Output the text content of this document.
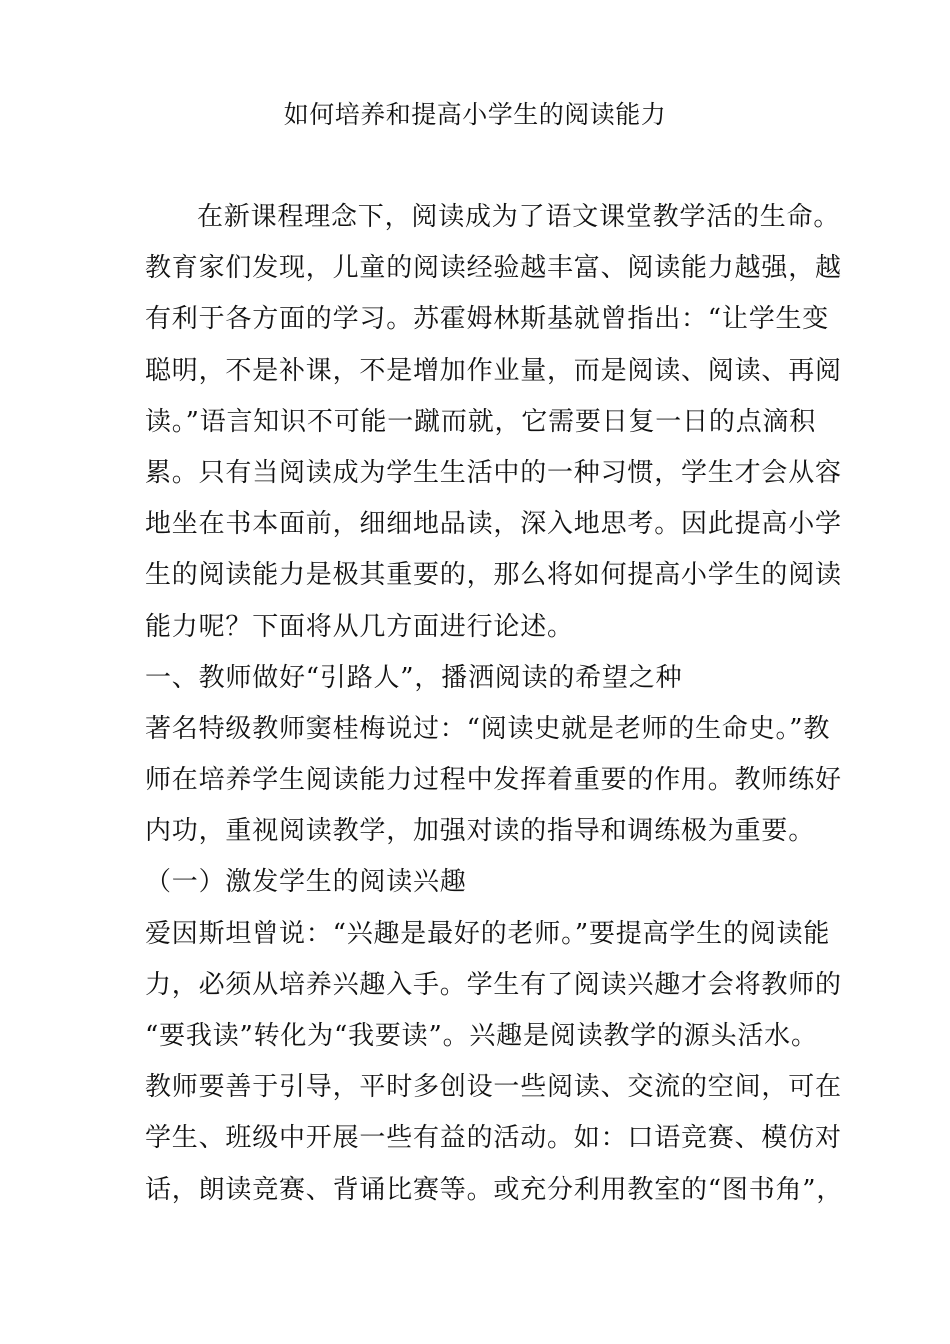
如何培养和提高小学生的阅读能力
在新课程理念下，阅读成为了语文课堂教学活的生命。
教育家们发现，儿童的阅读经验越丰富、阅读能力越强，越
有利于各方面的学习。苏霍姆林斯基就曾指出：“让学生变
聪明，不是补课，不是增加作业量，而是阅读、阅读、再阅
读。”语言知识不可能一蹴而就，它需要日复一日的点滴积
累。只有当阅读成为学生生活中的一种习惯，学生才会从容
地坐在书本面前，细细地品读，深入地思考。因此提高小学
生的阅读能力是极其重要的，那么将如何提高小学生的阅读
能力呢？下面将从几方面进行论述。
一、教师做好“引路人”，播洒阅读的希望之种
著名特级教师窦桂梅说过：“阅读史就是老师的生命史。”教
师在培养学生阅读能力过程中发挥着重要的作用。教师练好
内功，重视阅读教学，加强对读的指导和调练极为重要。
（一）激发学生的阅读兴趣
爱因斯坦曾说：“兴趣是最好的老师。”要提高学生的阅读能
力，必须从培养兴趣入手。学生有了阅读兴趣才会将教师的
“要我读”转化为“我要读”。兴趣是阅读教学的源头活水。
教师要善于引导，平时多创设一些阅读、交流的空间，可在
学生、班级中开展一些有益的活动。如：口语竞赛、模仿对
话，朗读竞赛、背诵比赛等。或充分利用教室的“图书角”，
